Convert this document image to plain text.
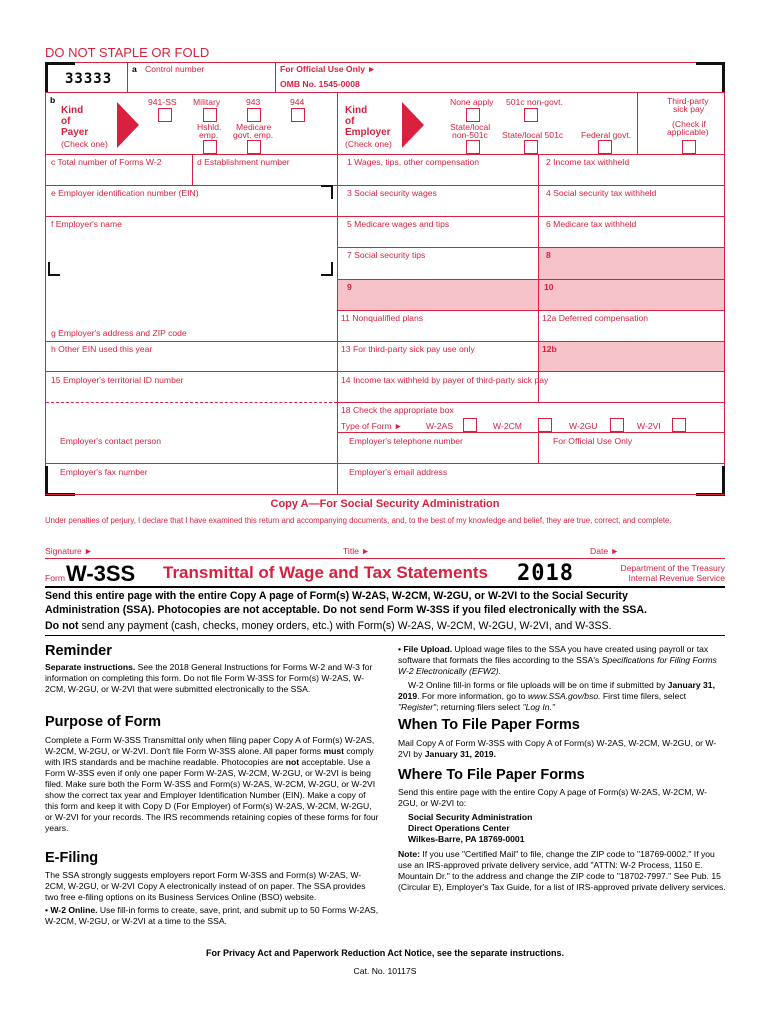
DO NOT STAPLE OR FOLD
33333
a Control number	For Official Use Only ►
OMB No. 1545-0008
b
Kind
of
Payer
(Check one)
941-SS Military	943	944
Hshld.
emp.
Medicare
govt. emp.
Kind
of
Employer
(Check one)
None apply 501c non-govt.
State/local
non-501c State/local 501c Federal govt.
Third-party
sick pay
(Check if
applicable)
c Total number of Forms W-2	d Establishment number	1 Wages, tips, other compensation	2 Income tax withheld
e Employer identification number (EIN)	3 Social security wages	4 Social security tax withheld
f Employer's name	5 Medicare wages and tips	6 Medicare tax withheld
7 Social security tips	8
9	10
11 Nonqualified plans	12a Deferred compensation
g Employer's address and ZIP code
h Other EIN used this year	13 For third-party sick pay use only	12b
15 Employer's territorial ID number	14 Income tax withheld by payer of third-party sick pay
18 Check the appropriate box
Type of Form ►	W-2AS	W-2CM	W-2GU	W-2VI
Employer's contact person	Employer's telephone number	For Official Use Only
Employer's fax number	Employer's email address
Copy A—For Social Security Administration
Under penalties of perjury, I declare that I have examined this return and accompanying documents, and, to the best of my knowledge and belief, they are true, correct, and complete.
Signature ►	Title ►	Date ►
Form W-3SS Transmittal of Wage and Tax Statements 2018	Department of the Treasury
Internal Revenue Service
Send this entire page with the entire Copy A page of Form(s) W-2AS, W-2CM, W-2GU, or W-2VI to the Social Security
Administration (SSA). Photocopies are not acceptable. Do not send Form W-3SS if you filed electronically with the SSA.
Do not send any payment (cash, checks, money orders, etc.) with Form(s) W-2AS, W-2CM, W-2GU, W-2VI, and W-3SS.
Reminder
Separate instructions. See the 2018 General Instructions for Forms W-2 and W-3 for information on completing this form. Do not file Form W-3SS for Form(s) W-2AS, W-2CM, W-2GU, or W-2VI that were submitted electronically to the SSA.
Purpose of Form
Complete a Form W-3SS Transmittal only when filing paper Copy A of Form(s) W-2AS, W-2CM, W-2GU, or W-2VI. Don't file Form W-3SS alone. All paper forms must comply with IRS standards and be machine readable. Photocopies are not acceptable. Use a Form W-3SS even if only one paper Form W-2AS, W-2CM, W-2GU, or W-2VI is being filed. Make sure both the Form W-3SS and Form(s) W-2AS, W-2CM, W-2GU, or W-2VI show the correct tax year and Employer Identification Number (EIN). Make a copy of this form and keep it with Copy D (For Employer) of Form(s) W-2AS, W-2CM, W-2GU, or W-2VI for your records. The IRS recommends retaining copies of these forms for four years.
E-Filing

The SSA strongly suggests employers report Form W-3SS and Form(s) W-2AS, W-2CM, W-2GU, or W-2VI Copy A electronically instead of on paper. The SSA provides two free e-filing options on its Business Services Online (BSO) website.

• W-2 Online. Use fill-in forms to create, save, print, and submit up to 50 Forms W-2AS, W-2CM, W-2GU, or W-2VI at a time to the SSA.

• File Upload. Upload wage files to the SSA you have created using payroll or tax software that formats the files according to the SSA's Specifications for Filing Forms W-2 Electronically (EFW2).
W-2 Online fill-in forms or file uploads will be on time if submitted by January 31, 2019. For more information, go to www.SSA.gov/bso. First time filers, select "Register"; returning filers select "Log In."
When To File Paper Forms
Mail Copy A of Form W-3SS with Copy A of Form(s) W-2AS, W-2CM, W-2GU, or W-2VI by January 31, 2019.
Where To File Paper Forms
Send this entire page with the entire Copy A page of Form(s) W-2AS, W-2CM, W-2GU, or W-2VI to:
Social Security Administration
Direct Operations Center
Wilkes-Barre, PA 18769-0001
Note: If you use "Certified Mail" to file, change the ZIP code to "18769-0002." If you use an IRS-approved private delivery service, add "ATTN: W-2 Process, 1150 E. Mountain Dr." to the address and change the ZIP code to "18702-7997." See Pub. 15 (Circular E), Employer's Tax Guide, for a list of IRS-approved private delivery services.
For Privacy Act and Paperwork Reduction Act Notice, see the separate instructions.
Cat. No. 10117S
